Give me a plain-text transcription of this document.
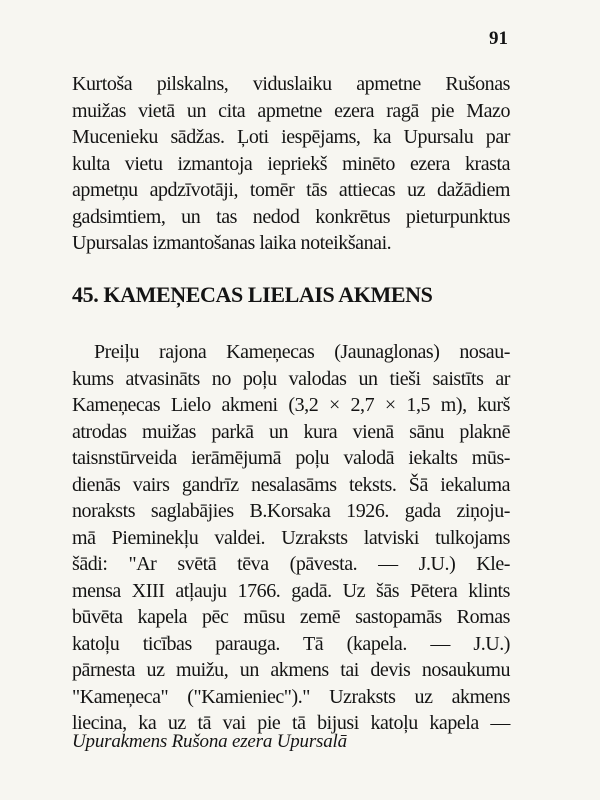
91
Kurtoša pilskalns, viduslaiku apmetne Rušonas
muižas vietā un cita apmetne ezera ragā pie Mazo
Mucenieku sādžas. Ļoti iespējams, ka Upursalu par
kulta vietu izmantoja iepriekš minēto ezera krasta
apmetņu apdzīvotāji, tomēr tās attiecas uz dažādiem
gadsimtiem, un tas nedod konkrētus pieturpunktus
Upursalas izmantošanas laika noteikšanai.
45. KAMEŅECAS LIELAIS AKMENS
Preiļu rajona Kameņecas (Jaunaglonas) nosau-
kums atvasināts no poļu valodas un tieši saistīts ar
Kameņecas Lielo akmeni (3,2 × 2,7 × 1,5 m), kurš
atrodas muižas parkā un kura vienā sānu plaknē
taisnstūrveida ierāmējumā poļu valodā iekalts mūs-
dienās vairs gandrīz nesalasāms teksts. Šā iekaluma
noraksts saglabājies B.Korsaka 1926. gada ziņoju-
mā Pieminekļu valdei. Uzraksts latviski tulkojams
šādi: "Ar svētā tēva (pāvesta. — J.U.) Kle-
mensa XIII atļauju 1766. gadā. Uz šās Pētera klints
būvēta kapela pēc mūsu zemē sastopamās Romas
katoļu ticības parauga. Tā (kapela. — J.U.)
pārnesta uz muižu, un akmens tai devis nosaukumu
"Kameņeca" ("Kamieniec")." Uzraksts uz akmens
liecina, ka uz tā vai pie tā bijusi katoļu kapela —
Upurakmens Rušona ezera Upursalā
